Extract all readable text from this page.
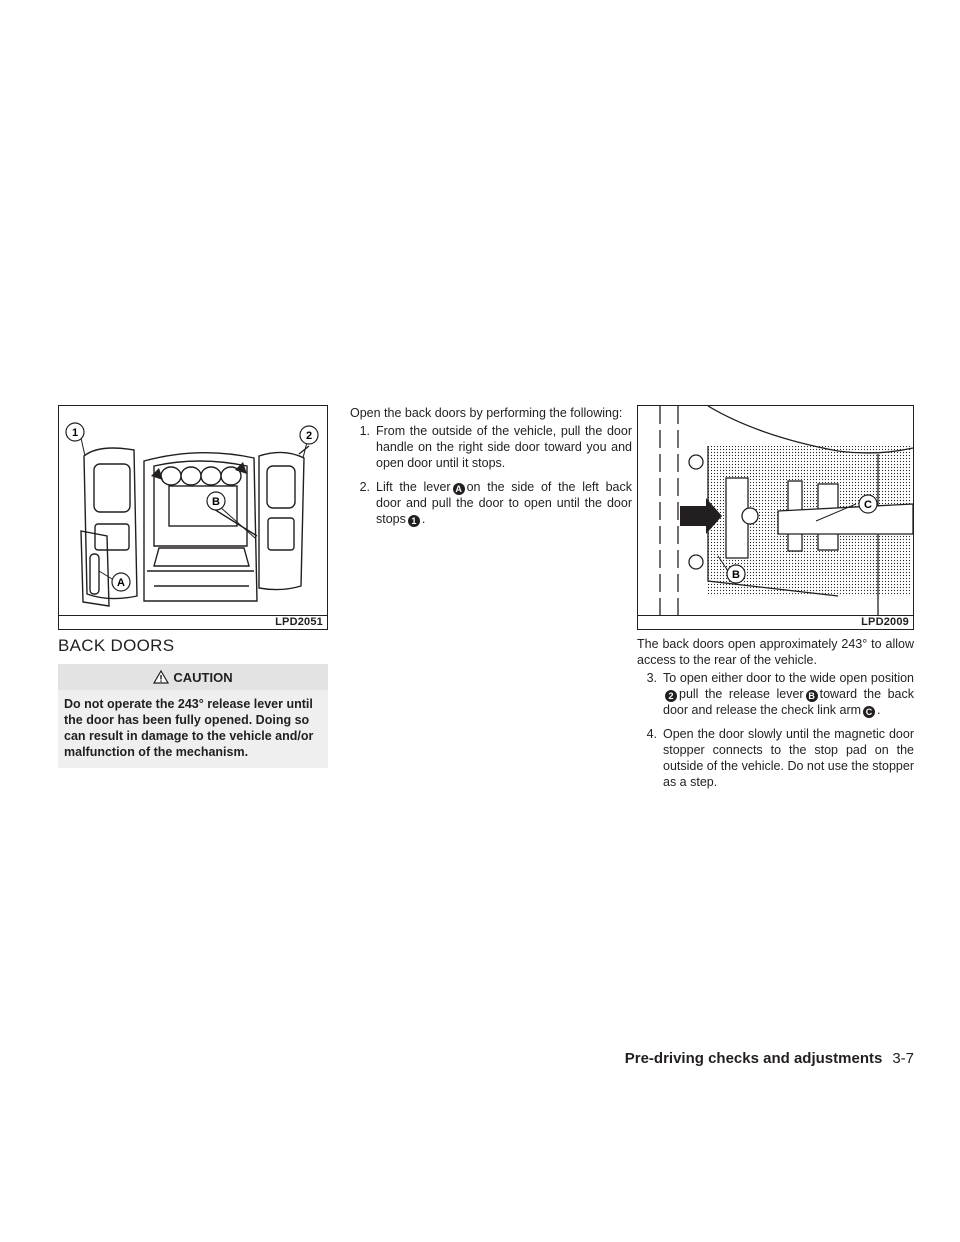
1	2
A
B
LPD2051
BACK DOORS
CAUTION
Do not operate the 243° release lever until the door has been fully opened. Doing so can result in damage to the vehicle and/or malfunction of the mechanism.
Open the back doors by performing the following:
1. From the outside of the vehicle, pull the door handle on the right side door toward you and open door until it stops.
2. Lift the lever A on the side of the left back door and pull the door to open until the door stops 1 .
C
B
LPD2009
The back doors open approximately 243° to allow access to the rear of the vehicle.
3. To open either door to the wide open position2 pull the release lever B toward the back door and release the check link arm C .
4. Open the door slowly until the magnetic door stopper connects to the stop pad on the outside of the vehicle. Do not use the stopper as a step.
Pre-driving checks and adjustments 3-7
